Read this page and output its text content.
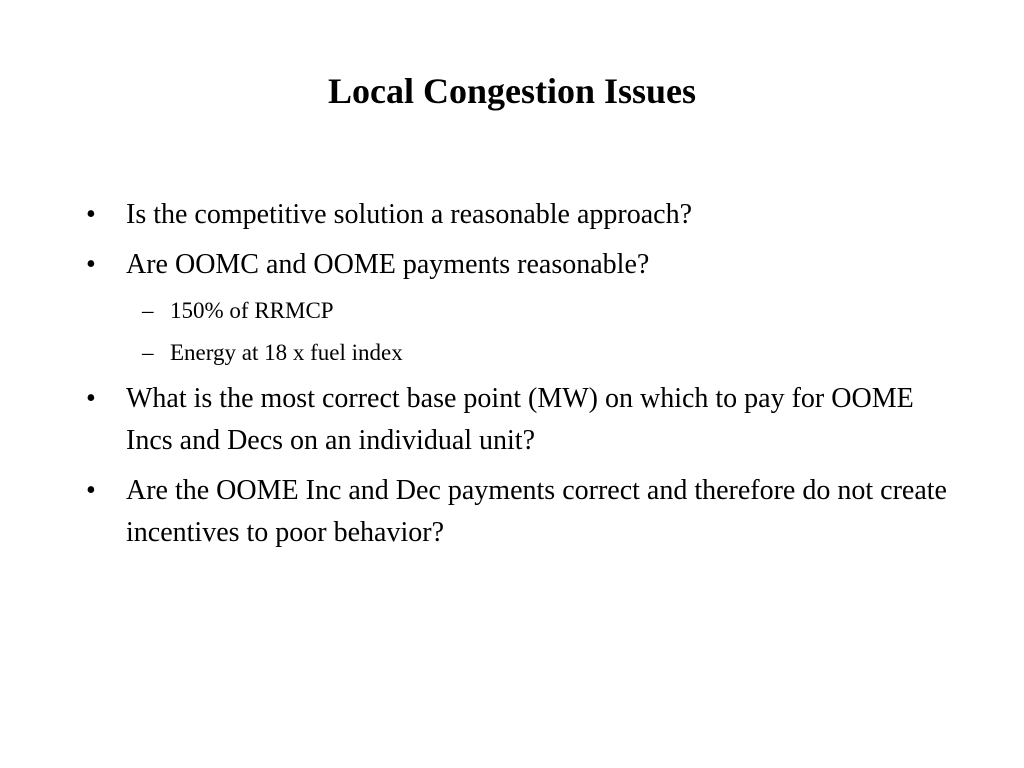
Local Congestion Issues
•	Is the competitive solution a reasonable approach?
•	Are OOMC and OOME payments reasonable?
– 150% of RRMCP
– Energy at 18 x fuel index
•	What is the most correct base point (MW) on which to pay for OOME Incs and Decs on an individual unit?
•	Are the OOME Inc and Dec payments correct and therefore do not create incentives to poor behavior?
